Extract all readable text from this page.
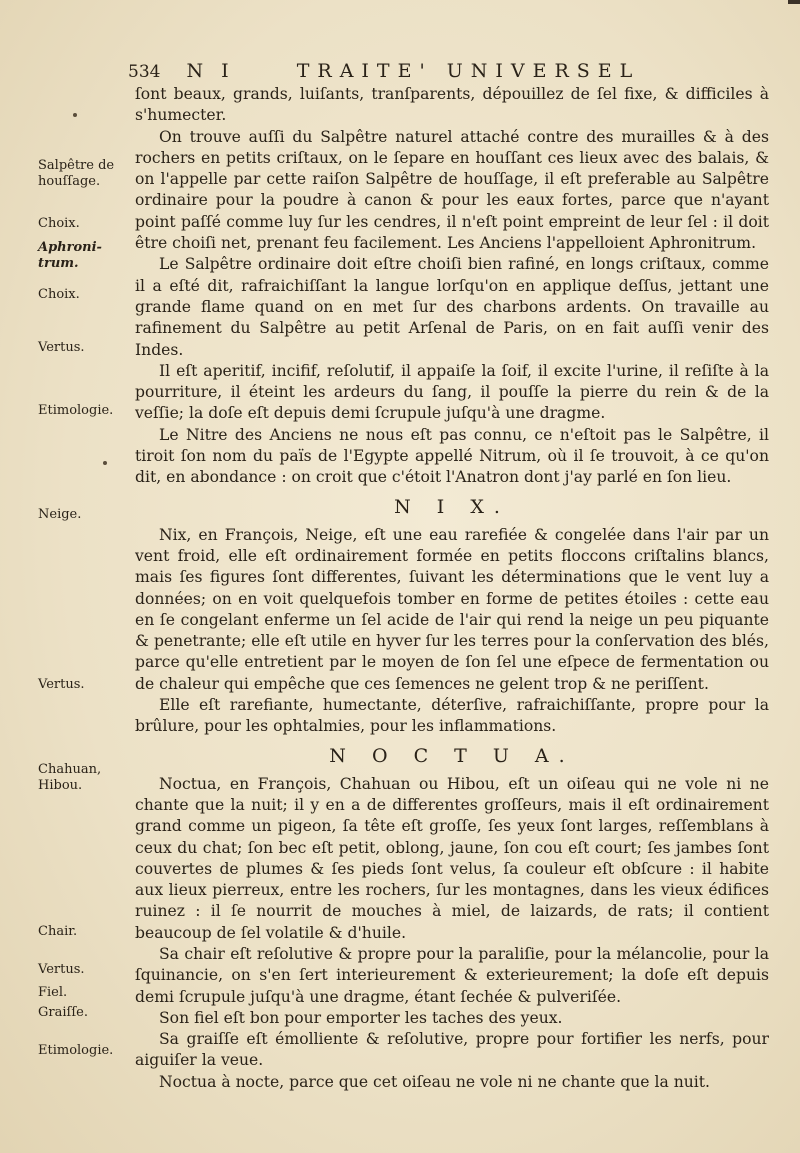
534 N I	TRAITE' UNIVERSEL
Salpêtre de houſſage.
Choix.
Aphroni-trum.
Choix.
Vertus.
Etimologie.
Neige.
Vertus.
Chahuan, Hibou.
Chair.
Vertus.
Fiel.
Graiſſe.
Etimologie.

ſont beaux, grands, luiſants, tranſparents, dépouillez de ſel fixe, & difficiles à s'humecter.

On trouve auſſi du Salpêtre naturel attaché contre des murailles & à des rochers en petits criſtaux, on le ſepare en houſſant ces lieux avec des balais, & on l'appelle par cette raiſon Salpêtre de houſſage, il eſt preferable au Salpêtre ordinaire pour la poudre à canon & pour les eaux fortes, parce que n'ayant point paſſé comme luy ſur les cendres, il n'eſt point empreint de leur ſel : il doit être choiſi net, prenant feu facilement. Les Anciens l'appelloient Aphronitrum.

Le Salpêtre ordinaire doit eſtre choiſi bien rafiné, en longs criſtaux, comme il a eſté dit, rafraichiſſant la langue lorſqu'on en applique deſſus, jettant une grande flame quand on en met ſur des charbons ardents. On travaille au rafinement du Salpêtre au petit Arſenal de Paris, on en fait auſſi venir des Indes.

Il eſt aperitif, incifif, reſolutif, il appaiſe la ſoif, il excite l'urine, il reſiſte à la pourriture, il éteint les ardeurs du ſang, il pouſſe la pierre du rein & de la veſſie; la doſe eſt depuis demi ſcrupule juſqu'à une dragme.

Le Nitre des Anciens ne nous eſt pas connu, ce n'eſtoit pas le Salpêtre, il tiroit ſon nom du païs de l'Egypte appellé Nitrum, où il ſe trouvoit, à ce qu'on dit, en abondance : on croit que c'étoit l'Anatron dont j'ay parlé en ſon lieu.

N I X.

Nix, en François, Neige, eſt une eau rarefiée & congelée dans l'air par un vent froid, elle eſt ordinairement formée en petits floccons criſtalins blancs, mais ſes figures ſont differentes, ſuivant les déterminations que le vent luy a données; on en voit quelquefois tomber en forme de petites étoiles : cette eau en ſe congelant enferme un ſel acide de l'air qui rend la neige un peu piquante & penetrante; elle eſt utile en hyver ſur les terres pour la conſervation des blés, parce qu'elle entretient par le moyen de ſon ſel une eſpece de fermentation ou de chaleur qui empêche que ces ſemences ne gelent trop & ne periſſent.

Elle eſt rarefiante, humectante, déterſive, rafraichiſſante, propre pour la brûlure, pour les ophtalmies, pour les inflammations.

N O C T U A.

Noctua, en François, Chahuan ou Hibou, eſt un oiſeau qui ne vole ni ne chante que la nuit; il y en a de differentes groſſeurs, mais il eſt ordinairement grand comme un pigeon, ſa tête eſt groſſe, ſes yeux ſont larges, reſſemblans à ceux du chat; ſon bec eſt petit, oblong, jaune, ſon cou eſt court; ſes jambes ſont couvertes de plumes & ſes pieds ſont velus, ſa couleur eſt obſcure : il habite aux lieux pierreux, entre les rochers, ſur les montagnes, dans les vieux édifices ruinez : il ſe nourrit de mouches à miel, de laizards, de rats; il contient beaucoup de ſel volatile & d'huile.

Sa chair eſt reſolutive & propre pour la paraliſie, pour la mélancolie, pour la ſquinancie, on s'en ſert interieurement & exterieurement; la doſe eſt depuis demi ſcrupule juſqu'à une dragme, étant ſechée & pulveriſée.

Son fiel eſt bon pour emporter les taches des yeux.

Sa graiſſe eſt émolliente & reſolutive, propre pour fortifier les nerfs, pour aiguiſer la veue.

Noctua à nocte, parce que cet oiſeau ne vole ni ne chante que la nuit.
